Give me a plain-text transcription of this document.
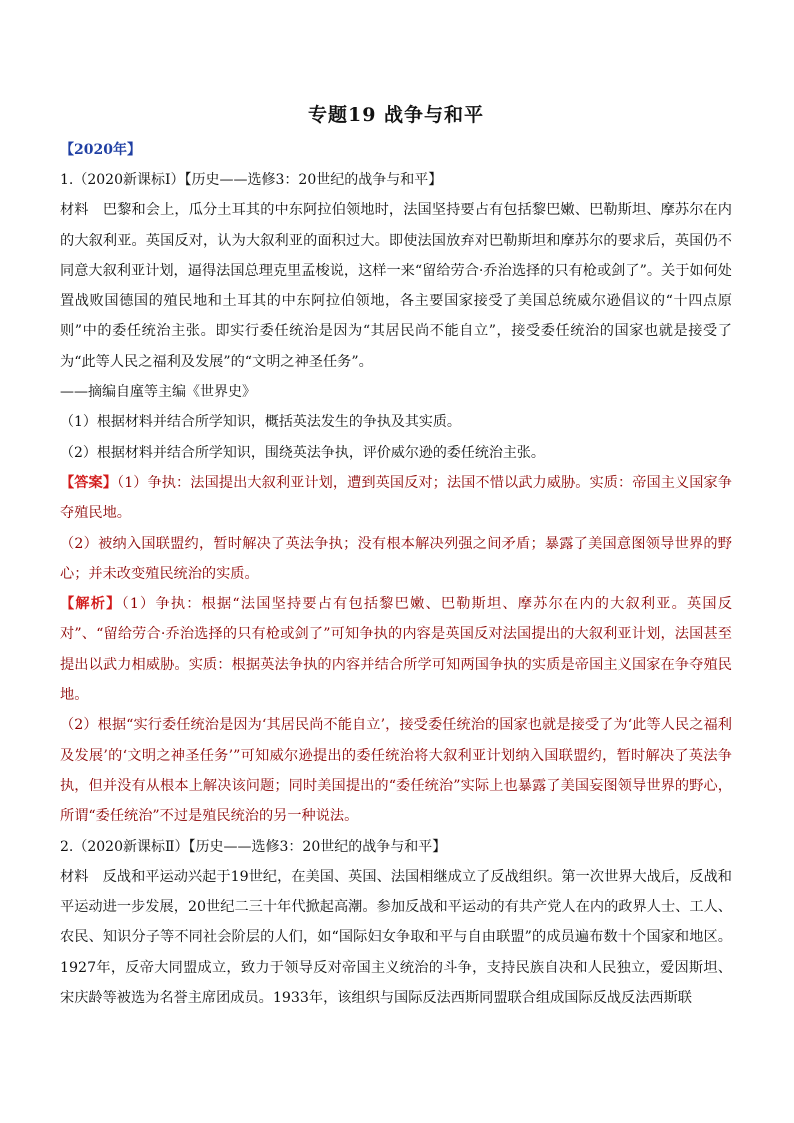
专题19 战争与和平

【2020年】

1.（2020新课标Ⅰ）【历史——选修3：20世纪的战争与和平】

材料　巴黎和会上，瓜分土耳其的中东阿拉伯领地时，法国坚持要占有包括黎巴嫩、巴勒斯坦、摩苏尔在内的大叙利亚。英国反对，认为大叙利亚的面积过大。即使法国放弃对巴勒斯坦和摩苏尔的要求后，英国仍不同意大叙利亚计划，逼得法国总理克里孟梭说，这样一来“留给劳合·乔治选择的只有枪或剑了”。关于如何处置战败国德国的殖民地和土耳其的中东阿拉伯领地，各主要国家接受了美国总统威尔逊倡议的“十四点原则”中的委任统治主张。即实行委任统治是因为“其居民尚不能自立”，接受委任统治的国家也就是接受了为“此等人民之福利及发展”的“文明之神圣任务”。

——摘编自廑等主编《世界史》

（1）根据材料并结合所学知识，概括英法发生的争执及其实质。

（2）根据材料并结合所学知识，围绕英法争执，评价威尔逊的委任统治主张。

【答案】（1）争执：法国提出大叙利亚计划，遭到英国反对；法国不惜以武力威胁。实质：帝国主义国家争夺殖民地。

（2）被纳入国联盟约，暂时解决了英法争执；没有根本解决列强之间矛盾；暴露了美国意图领导世界的野心；并未改变殖民统治的实质。

【解析】（1）争执：根据“法国坚持要占有包括黎巴嫩、巴勒斯坦、摩苏尔在内的大叙利亚。英国反对”、“留给劳合·乔治选择的只有枪或剑了”可知争执的内容是英国反对法国提出的大叙利亚计划，法国甚至提出以武力相威胁。实质：根据英法争执的内容并结合所学可知两国争执的实质是帝国主义国家在争夺殖民地。

（2）根据“实行委任统治是因为‘其居民尚不能自立’，接受委任统治的国家也就是接受了为‘此等人民之福利及发展’的‘文明之神圣任务’”可知威尔逊提出的委任统治将大叙利亚计划纳入国联盟约，暂时解决了英法争执，但并没有从根本上解决该问题；同时美国提出的“委任统治”实际上也暴露了美国妄图领导世界的野心，所谓“委任统治”不过是殖民统治的另一种说法。

2.（2020新课标Ⅱ）【历史——选修3：20世纪的战争与和平】

材料　反战和平运动兴起于19世纪，在美国、英国、法国相继成立了反战组织。第一次世界大战后，反战和平运动进一步发展，20世纪二三十年代掀起高潮。参加反战和平运动的有共产党人在内的政界人士、工人、农民、知识分子等不同社会阶层的人们，如“国际妇女争取和平与自由联盟”的成员遍布数十个国家和地区。1927年，反帝大同盟成立，致力于领导反对帝国主义统治的斗争，支持民族自决和人民独立，爱因斯坦、宋庆龄等被选为名誉主席团成员。1933年，该组织与国际反法西斯同盟联合组成国际反战反法西斯联
